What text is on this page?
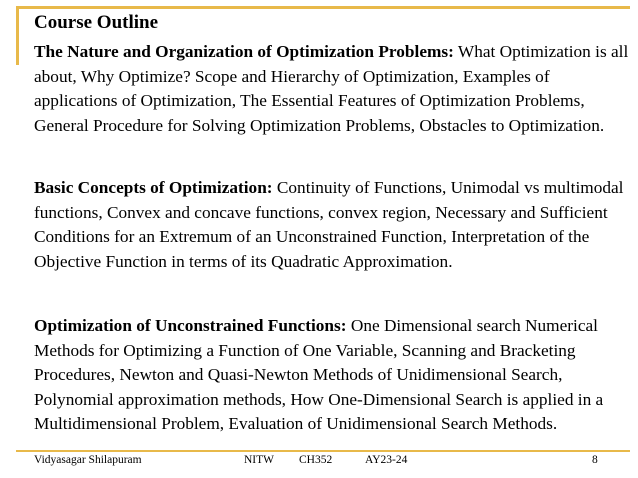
Course Outline

The Nature and Organization of Optimization Problems: What Optimization is all about, Why Optimize? Scope and Hierarchy of Optimization, Examples of applications of Optimization, The Essential Features of Optimization Problems, General Procedure for Solving Optimization Problems, Obstacles to Optimization.

Basic Concepts of Optimization: Continuity of Functions, Unimodal vs multimodal functions, Convex and concave functions, convex region, Necessary and Sufficient Conditions for an Extremum of an Unconstrained Function, Interpretation of the Objective Function in terms of its Quadratic Approximation.

Optimization of Unconstrained Functions: One Dimensional search Numerical Methods for Optimizing a Function of One Variable, Scanning and Bracketing Procedures, Newton and Quasi-Newton Methods of Unidimensional Search, Polynomial approximation methods, How One-Dimensional Search is applied in a Multidimensional Problem, Evaluation of Unidimensional Search Methods.

Vidyasagar Shilapuram	NITW CH352	AY23-24	8
